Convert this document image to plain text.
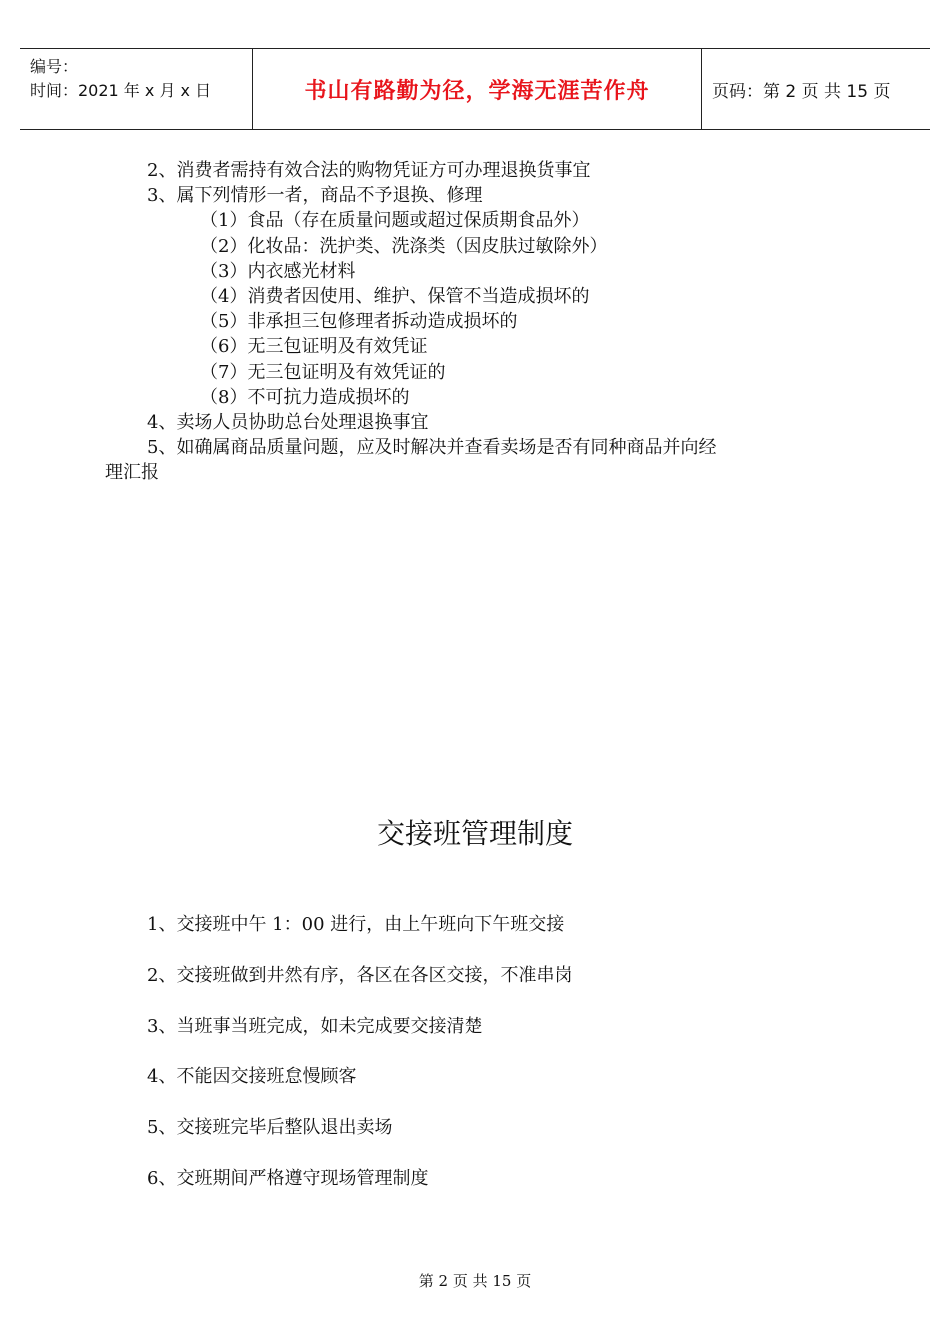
编号：
时间：2021 年 x 月 x 日	书山有路勤为径，学海无涯苦作舟	页码：第 2 页 共 15 页
2、消费者需持有效合法的购物凭证方可办理退换货事宜
3、属下列情形一者，商品不予退换、修理
（1）食品（存在质量问题或超过保质期食品外）
（2）化妆品：洗护类、洗涤类（因皮肤过敏除外）
（3）内衣感光材料
（4）消费者因使用、维护、保管不当造成损坏的
（5）非承担三包修理者拆动造成损坏的
（6）无三包证明及有效凭证
（7）无三包证明及有效凭证的
（8）不可抗力造成损坏的
4、卖场人员协助总台处理退换事宜
5、如确属商品质量问题，应及时解决并查看卖场是否有同种商品并向经
理汇报
交接班管理制度
1、交接班中午 1：00 进行，由上午班向下午班交接
2、交接班做到井然有序，各区在各区交接，不准串岗
3、当班事当班完成，如未完成要交接清楚
4、不能因交接班怠慢顾客
5、交接班完毕后整队退出卖场
6、交班期间严格遵守现场管理制度
第 2 页 共 15 页
